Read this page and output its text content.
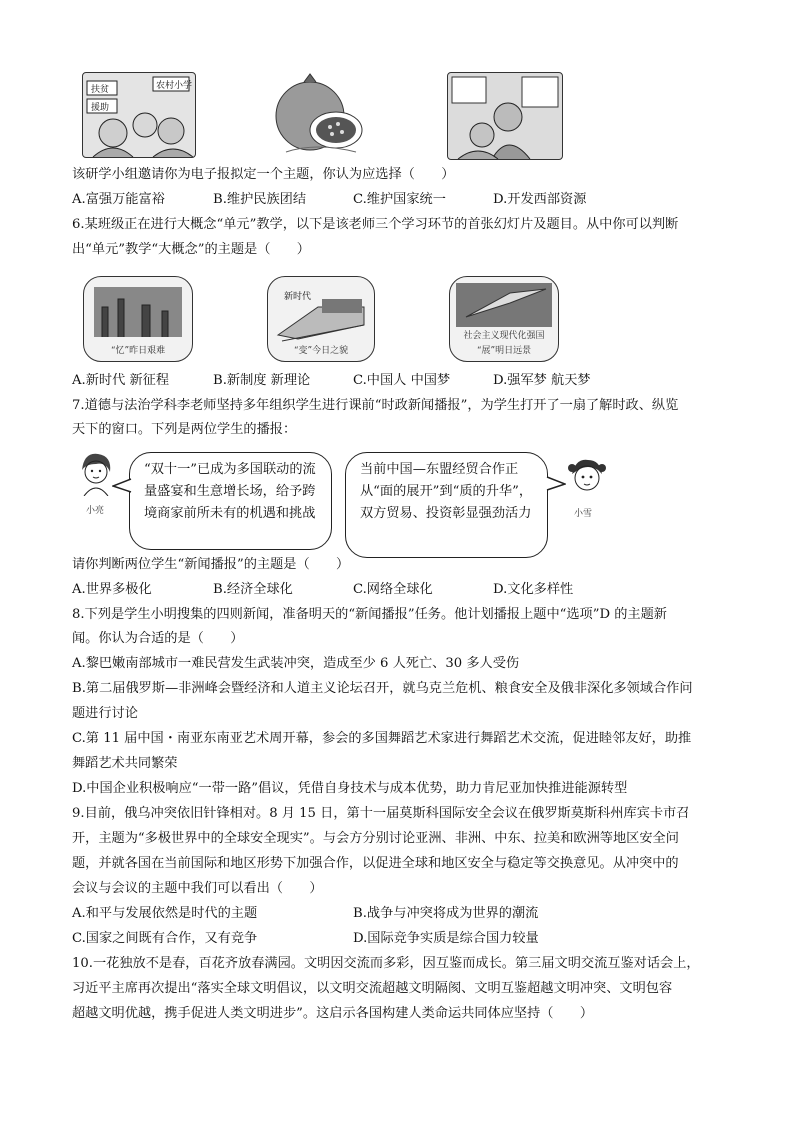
扶贫
援助
农村小学
该研学小组邀请你为电子报拟定一个主题，你认为应选择（　　）
A.富强万能富裕	B.维护民族团结	C.维护国家统一	D.开发西部资源
6.某班级正在进行大概念“单元”教学，以下是该老师三个学习环节的首张幻灯片及题目。从中你可以判断
出“单元”教学“大概念”的主题是（　　）
“忆”昨日艰难
新时代
“变”今日之貌
社会主义现代化强国
“展”明日远景
A.新时代 新征程	B.新制度 新理论	C.中国人 中国梦	D.强军梦 航天梦
7.道德与法治学科李老师坚持多年组织学生进行课前“时政新闻播报”，为学生打开了一扇了解时政、纵览
天下的窗口。下列是两位学生的播报：
小亮
“双十一”已成为多国联动的流量盛宴和生意增长场，给予跨境商家前所未有的机遇和挑战
当前中国—东盟经贸合作正从“面的展开”到“质的升华”，双方贸易、投资彰显强劲活力	小雪
请你判断两位学生“新闻播报”的主题是（　　）
A.世界多极化	B.经济全球化	C.网络全球化	D.文化多样性
8.下列是学生小明搜集的四则新闻，准备明天的“新闻播报”任务。他计划播报上题中“选项”D 的主题新
闻。你认为合适的是（　　）
A.黎巴嫩南部城市一难民营发生武装冲突，造成至少 6 人死亡、30 多人受伤
B.第二届俄罗斯—非洲峰会暨经济和人道主义论坛召开，就乌克兰危机、粮食安全及俄非深化多领域合作问
题进行讨论
C.第 11 届中国・南亚东南亚艺术周开幕，参会的多国舞蹈艺术家进行舞蹈艺术交流，促进睦邻友好，助推
舞蹈艺术共同繁荣
D.中国企业积极响应“一带一路”倡议，凭借自身技术与成本优势，助力肯尼亚加快推进能源转型
9.目前，俄乌冲突依旧针锋相对。8 月 15 日，第十一届莫斯科国际安全会议在俄罗斯莫斯科州库宾卡市召
开，主题为“多极世界中的全球安全现实”。与会方分别讨论亚洲、非洲、中东、拉美和欧洲等地区安全问
题，并就各国在当前国际和地区形势下加强合作，以促进全球和地区安全与稳定等交换意见。从冲突中的
会议与会议的主题中我们可以看出（　　）
A.和平与发展依然是时代的主题	B.战争与冲突将成为世界的潮流
C.国家之间既有合作，又有竞争	D.国际竞争实质是综合国力较量
10.一花独放不是春，百花齐放春满园。文明因交流而多彩，因互鉴而成长。第三届文明交流互鉴对话会上，
习近平主席再次提出“落实全球文明倡议，以文明交流超越文明隔阂、文明互鉴超越文明冲突、文明包容
超越文明优越，携手促进人类文明进步”。这启示各国构建人类命运共同体应坚持（　　）
